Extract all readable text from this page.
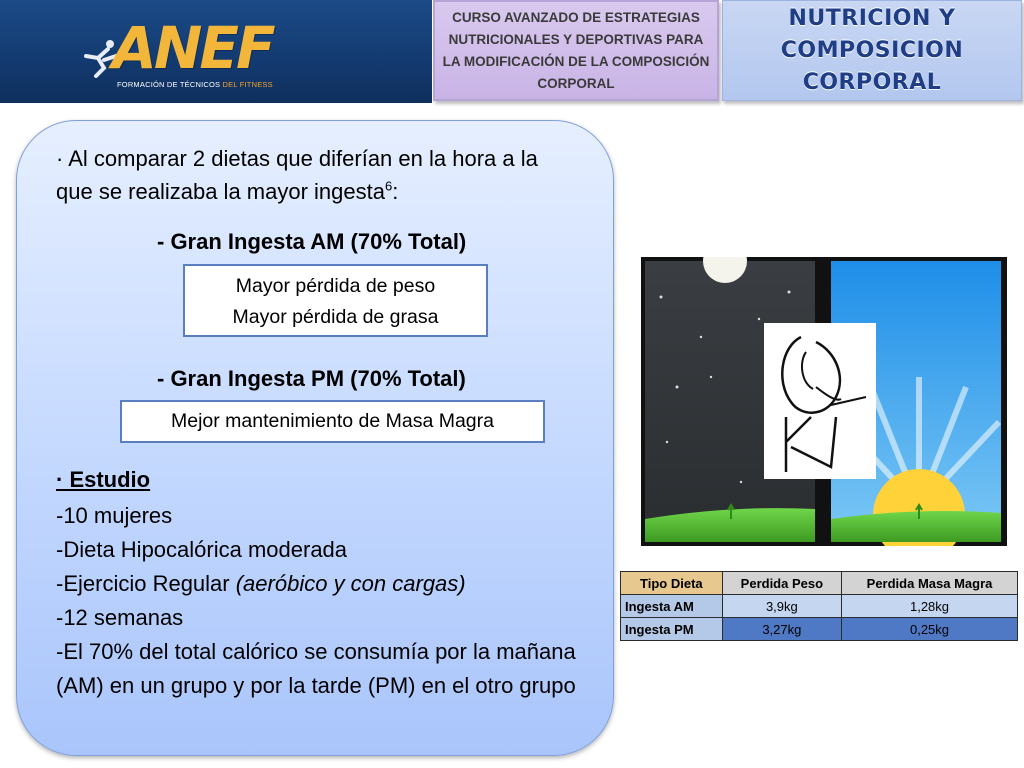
ANEF
FORMACIÓN DE TÉCNICOS DEL FITNESS
CURSO AVANZADO DE ESTRATEGIAS NUTRICIONALES Y DEPORTIVAS PARA LA MODIFICACIÓN DE LA COMPOSICIÓN CORPORAL
NUTRICION Y
COMPOSICION CORPORAL
· Al comparar 2 dietas que diferían en la hora a la que se realizaba la mayor ingesta$^6$:
- Gran Ingesta AM (70% Total)
Mayor pérdida de peso
Mayor pérdida de grasa
- Gran Ingesta PM (70% Total)
Mejor mantenimiento de Masa Magra
· Estudio
-10 mujeres
-Dieta Hipocalórica moderada
-Ejercicio Regular (aeróbico y con cargas)
-12 semanas
-El 70% del total calórico se consumía por la mañana (AM) en un grupo y por la tarde (PM) en el otro grupo
Tipo Dieta	Perdida Peso	Perdida Masa Magra
Ingesta AM	3,9kg	1,28kg
Ingesta PM	3,27kg	0,25kg
